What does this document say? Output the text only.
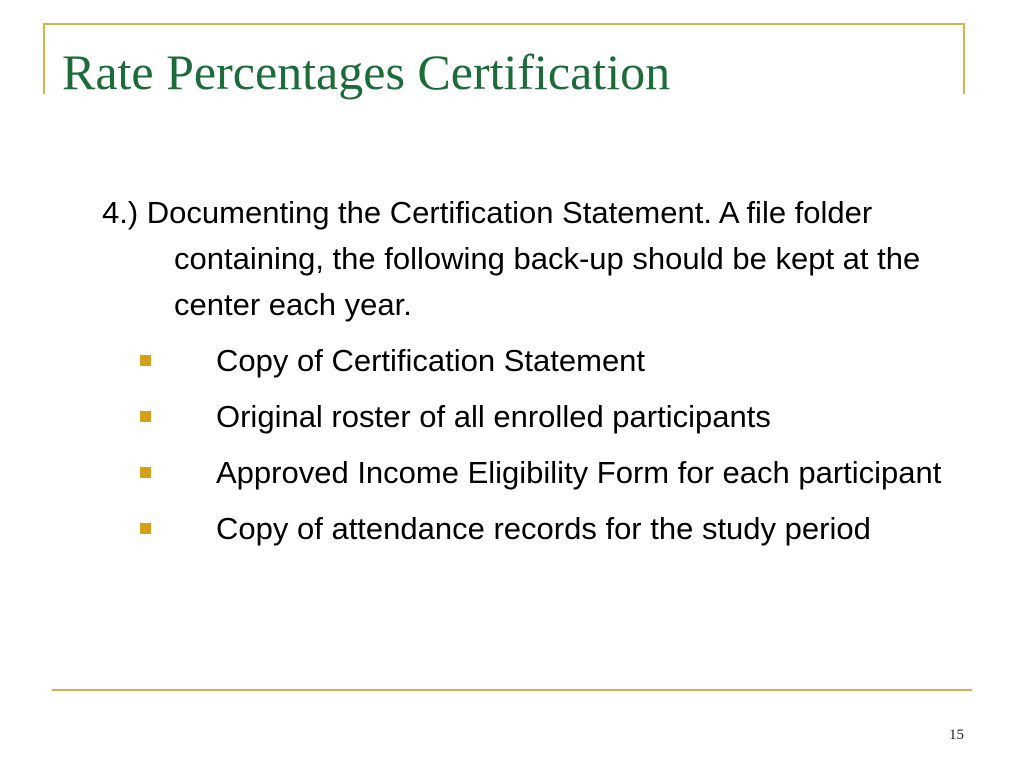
Rate Percentages Certification

4.) Documenting the Certification Statement. A file folder containing, the following back-up should be kept at the center each year.

Copy of Certification Statement
Original roster of all enrolled participants
Approved Income Eligibility Form for each participant
Copy of attendance records for the study period
15
